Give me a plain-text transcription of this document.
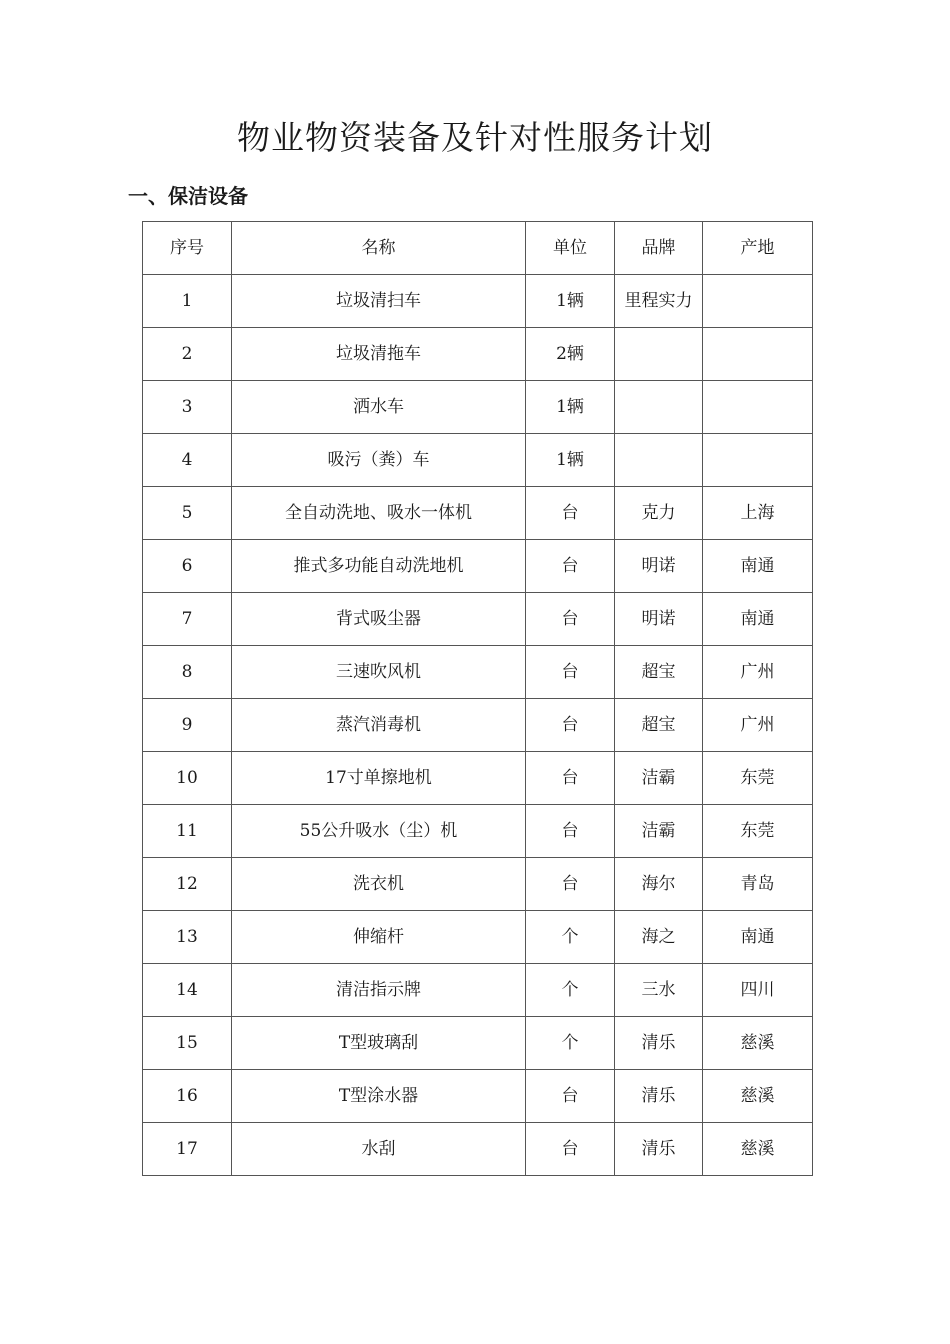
物业物资装备及针对性服务计划
一、保洁设备
序号	名称	单位	品牌	产地
1	垃圾清扫车	1辆	里程实力	
2	垃圾清拖车	2辆		
3	洒水车	1辆		
4	吸污（粪）车	1辆		
5	全自动洗地、吸水一体机	台	克力	上海
6	推式多功能自动洗地机	台	明诺	南通
7	背式吸尘器	台	明诺	南通
8	三速吹风机	台	超宝	广州
9	蒸汽消毒机	台	超宝	广州
10	17寸单擦地机	台	洁霸	东莞
11	55公升吸水（尘）机	台	洁霸	东莞
12	洗衣机	台	海尔	青岛
13	伸缩杆	个	海之	南通
14	清洁指示牌	个	三水	四川
15	T型玻璃刮	个	清乐	慈溪
16	T型涂水器	台	清乐	慈溪
17	水刮	台	清乐	慈溪
